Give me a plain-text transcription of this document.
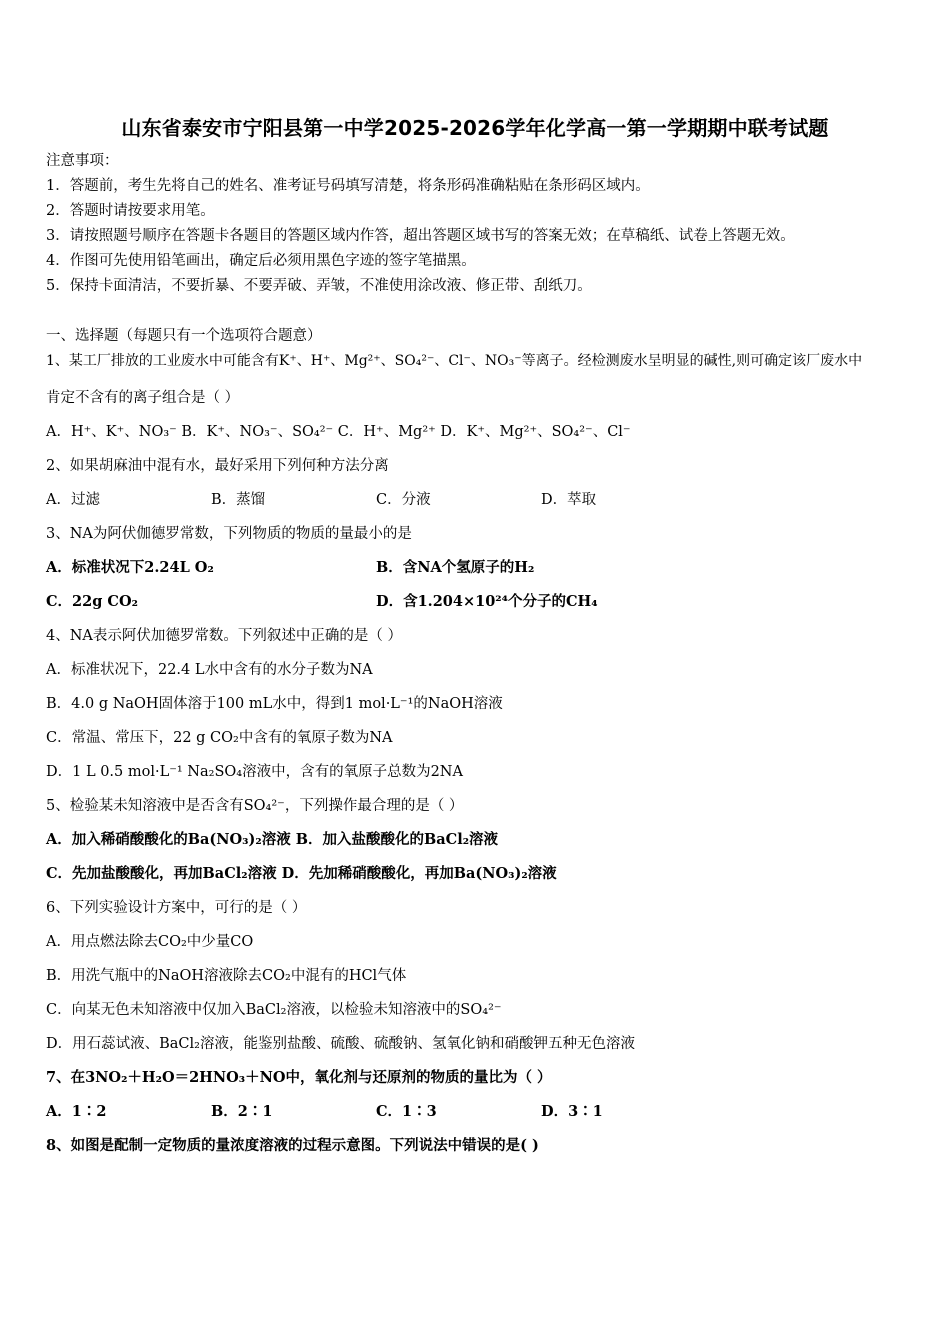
山东省泰安市宁阳县第一中学2025-2026学年化学高一第一学期期中联考试题
注意事项：
1．答题前，考生先将自己的姓名、准考证号码填写清楚，将条形码准确粘贴在条形码区域内。
2．答题时请按要求用笔。
3．请按照题号顺序在答题卡各题目的答题区域内作答，超出答题区域书写的答案无效；在草稿纸、试卷上答题无效。
4．作图可先使用铅笔画出，确定后必须用黑色字迹的签字笔描黑。
5．保持卡面清洁，不要折暴、不要弄破、弄皱，不准使用涂改液、修正带、刮纸刀。
一、选择题（每题只有一个选项符合题意）
1、某工厂排放的工业废水中可能含有K⁺、H⁺、Mg²⁺、SO₄²⁻、Cl⁻、NO₃⁻等离子。经检测废水呈明显的碱性,则可确定该厂废水中
肯定不含有的离子组合是（ ）
A．H⁺、K⁺、NO₃⁻ B．K⁺、NO₃⁻、SO₄²⁻ C．H⁺、Mg²⁺ D．K⁺、Mg²⁺、SO₄²⁻、Cl⁻
2、如果胡麻油中混有水，最好采用下列何种方法分离
A．过滤	B．蒸馏	C．分液	D．萃取
3、NA为阿伏伽德罗常数，下列物质的物质的量最小的是
A．标准状况下2.24L O₂	B．含NA个氢原子的H₂
C．22g CO₂	D．含1.204×10²⁴个分子的CH₄
4、NA表示阿伏加德罗常数。下列叙述中正确的是（ ）
A．标准状况下，22.4 L水中含有的水分子数为NA
B．4.0 g NaOH固体溶于100 mL水中，得到1 mol·L⁻¹的NaOH溶液
C．常温、常压下，22 g CO₂中含有的氧原子数为NA
D．1 L 0.5 mol·L⁻¹ Na₂SO₄溶液中，含有的氧原子总数为2NA
5、检验某未知溶液中是否含有SO₄²⁻，下列操作最合理的是（ ）
A．加入稀硝酸酸化的Ba(NO₃)₂溶液 B．加入盐酸酸化的BaCl₂溶液
C．先加盐酸酸化，再加BaCl₂溶液 D．先加稀硝酸酸化，再加Ba(NO₃)₂溶液
6、下列实验设计方案中，可行的是（ ）
A．用点燃法除去CO₂中少量CO
B．用洗气瓶中的NaOH溶液除去CO₂中混有的HCl气体
C．向某无色未知溶液中仅加入BaCl₂溶液，以检验未知溶液中的SO₄²⁻
D．用石蕊试液、BaCl₂溶液，能鉴别盐酸、硫酸、硫酸钠、氢氧化钠和硝酸钾五种无色溶液
7、在3NO₂＋H₂O＝2HNO₃＋NO中，氧化剂与还原剂的物质的量比为（ ）
A．1∶2	B．2∶1	C．1∶3	D．3∶1
8、如图是配制一定物质的量浓度溶液的过程示意图。下列说法中错误的是( )
